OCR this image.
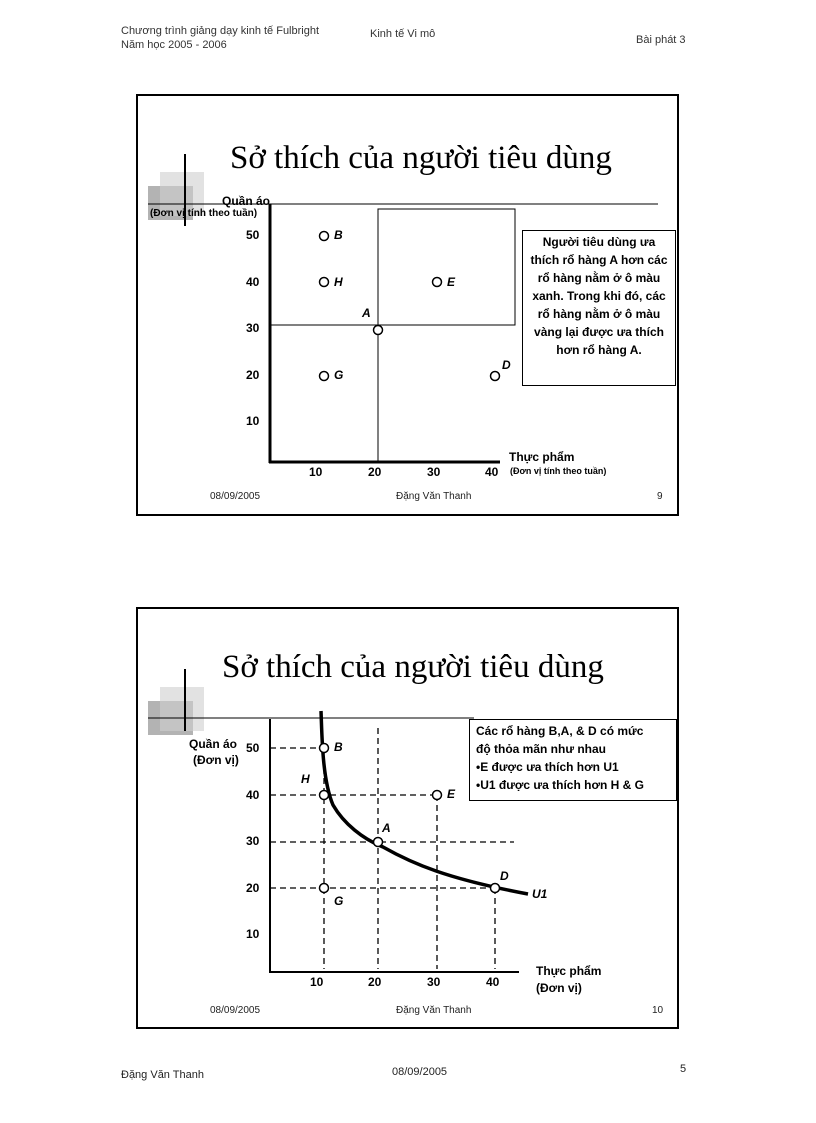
Chương trình giảng dạy kinh tế Fulbright
Năm học 2005 - 2006
Kinh tế Vi mô	Bài phát 3
Sở thích của người tiêu dùng
Quần áo
(Đơn vị tính theo tuần)
50
40
30
20
10
10	20	30	40
B
H
A
E
G
D
Thực phẩm
(Đơn vị tính theo tuần)
Người tiêu dùng ưa thích rổ hàng A hơn các rổ hàng nằm ở ô màu xanh. Trong khi đó, các rổ hàng nằm ở ô màu vàng lại được ưa thích hơn rổ hàng A.
08/09/2005	Đặng Văn Thanh	9
Sở thích của người tiêu dùng
Quần áo
(Đơn vị)
50
40
30
20
10
10	20	30	40
B
H
A
E
G
D
U1
Thực phẩm
(Đơn vị)
Các rổ hàng B,A, & D có mức
độ thỏa mãn như nhau
•E được ưa thích hơn U1
•U1 được ưa thích hơn H & G
08/09/2005	Đặng Văn Thanh	10
Đặng Văn Thanh	08/09/2005	5
